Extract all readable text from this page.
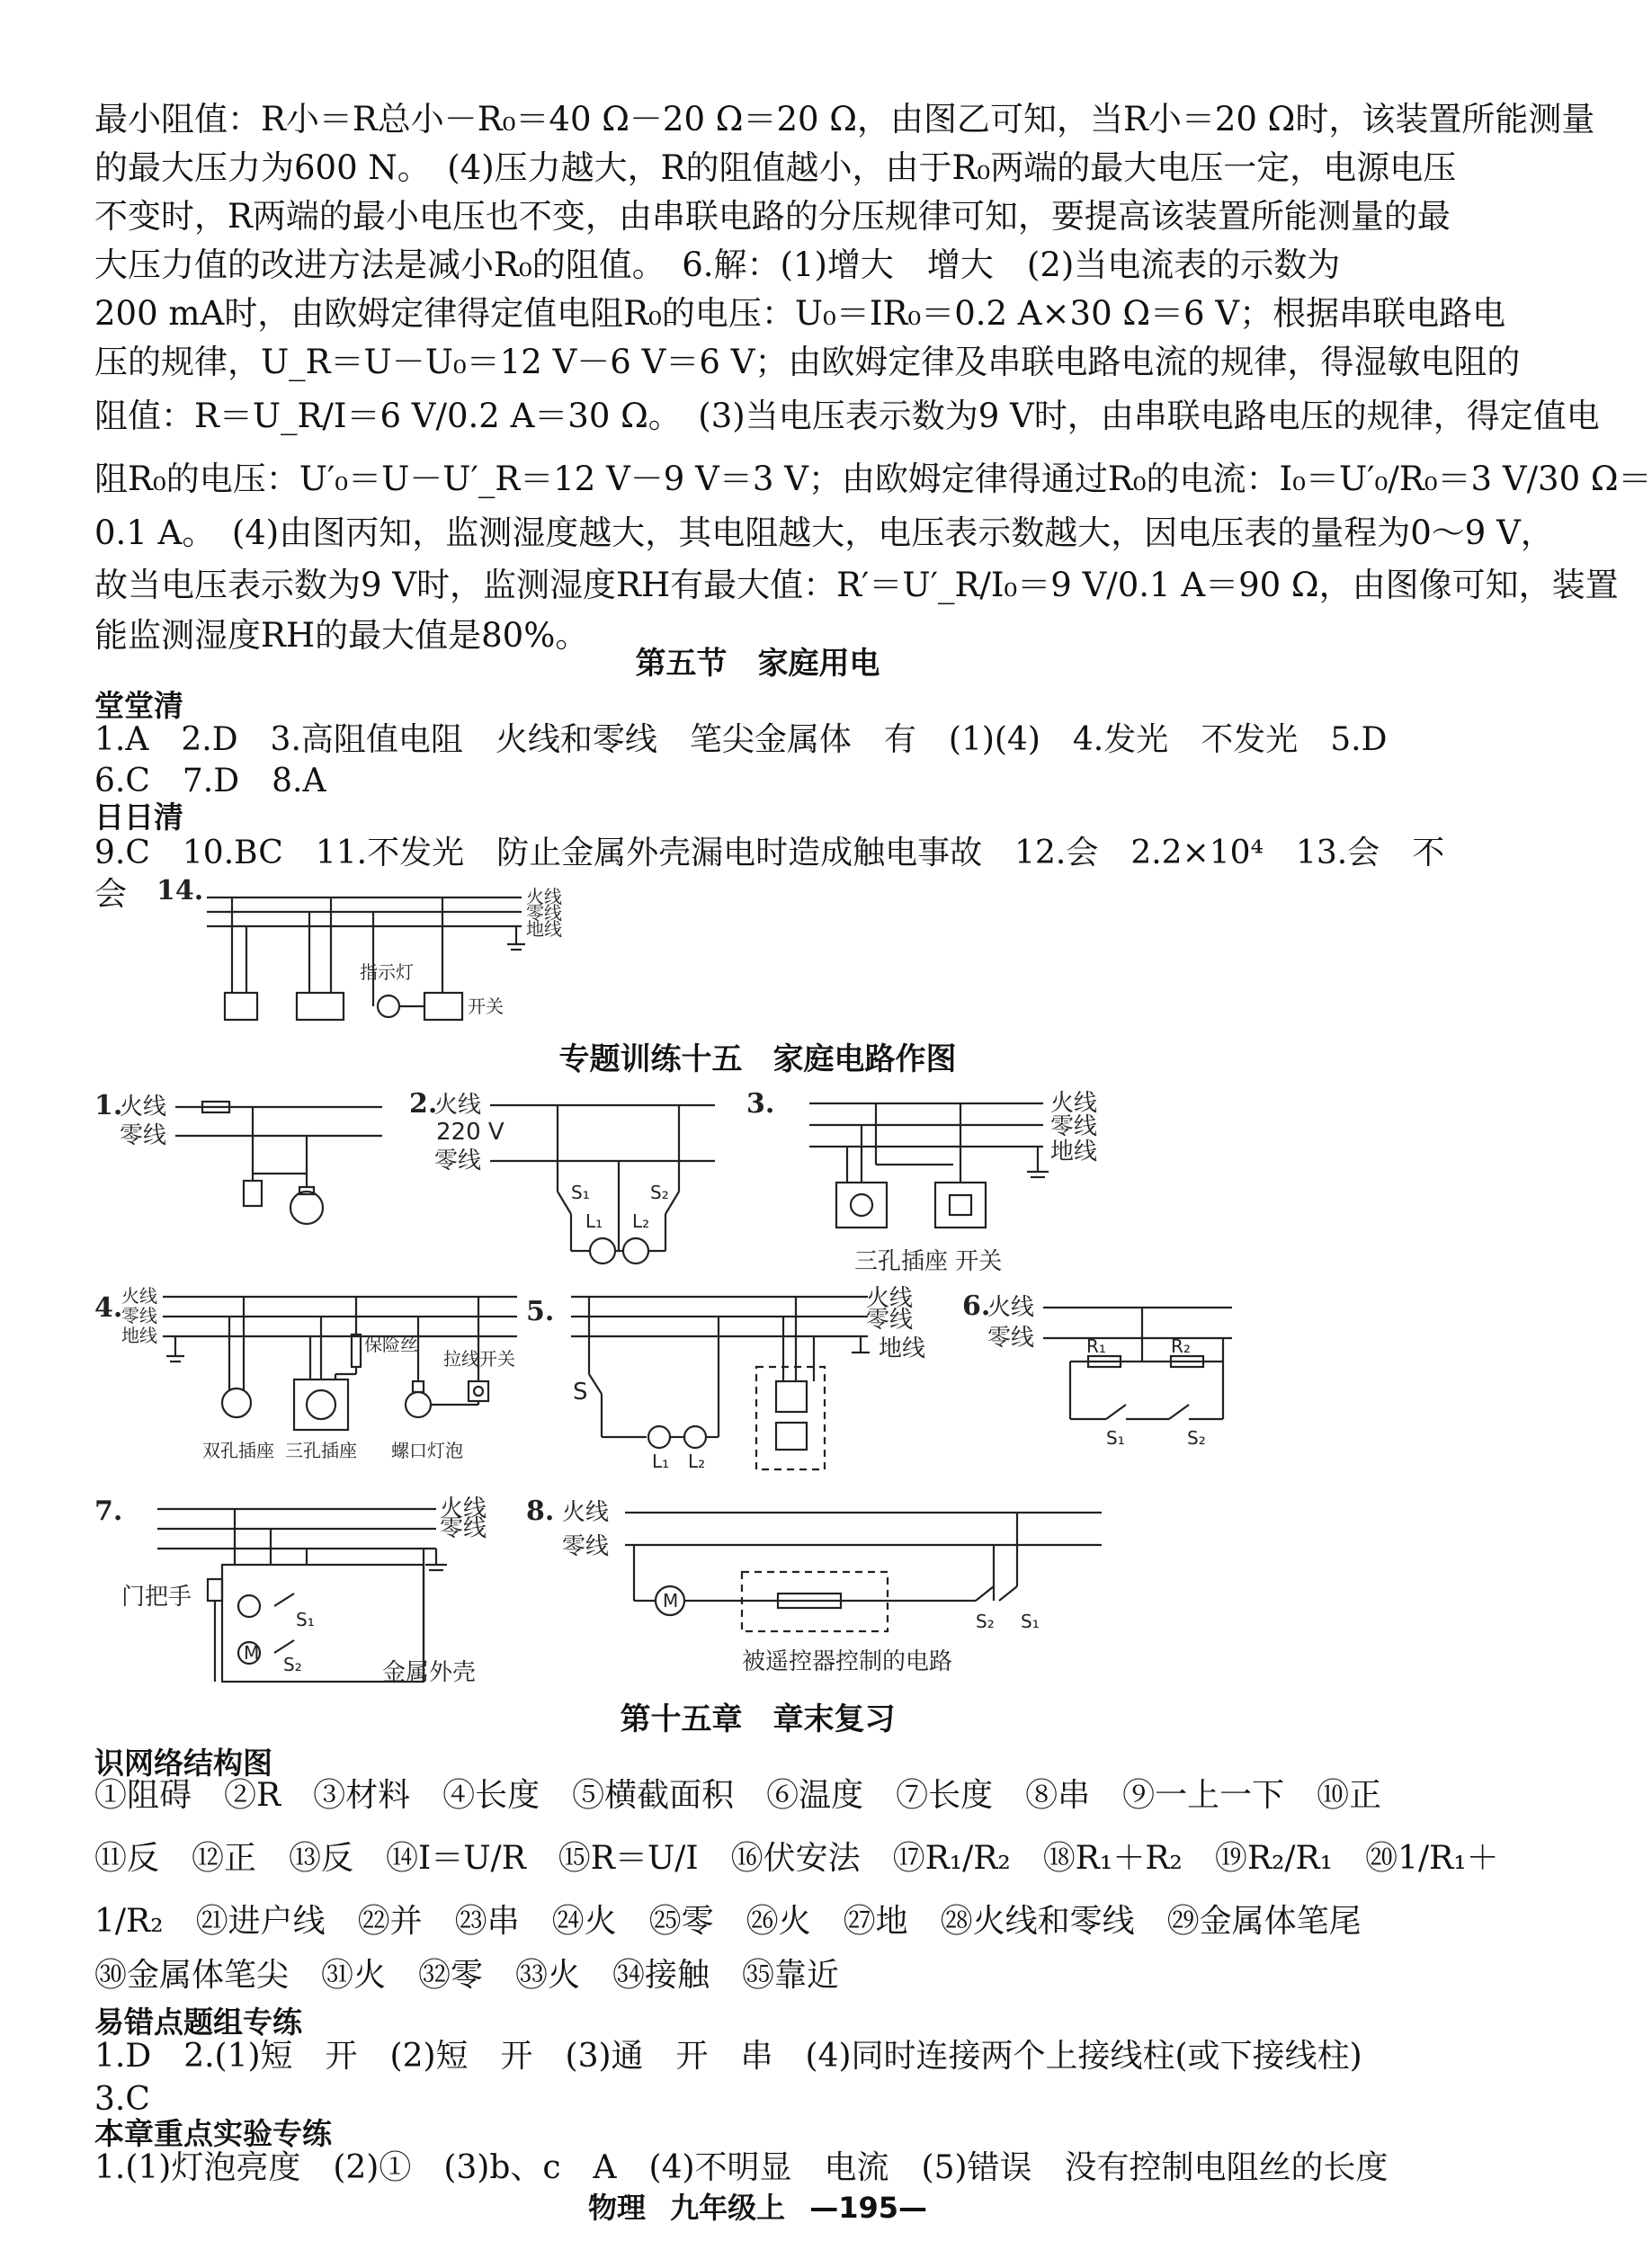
最小阻值：R小＝R总小－R₀＝40 Ω－20 Ω＝20 Ω，由图乙可知，当R小＝20 Ω时，该装置所能测量
的最大压力为600 N。　(4)压力越大，R的阻值越小，由于R₀两端的最大电压一定，电源电压
不变时，R两端的最小电压也不变，由串联电路的分压规律可知，要提高该装置所能测量的最
大压力值的改进方法是减小R₀的阻值。　6.解：(1)增大　增大　(2)当电流表的示数为
200 mA时，由欧姆定律得定值电阻R₀的电压：U₀＝IR₀＝0.2 A×30 Ω＝6 V；根据串联电路电
压的规律，U_R＝U－U₀＝12 V－6 V＝6 V；由欧姆定律及串联电路电流的规律，得湿敏电阻的
阻值：R＝U_R/I＝6 V/0.2 A＝30 Ω。　(3)当电压表示数为9 V时，由串联电路电压的规律，得定值电
阻R₀的电压：U′₀＝U－U′_R＝12 V－9 V＝3 V；由欧姆定律得通过R₀的电流：I₀＝U′₀/R₀＝3 V/30 Ω＝
0.1 A。　(4)由图丙知，监测湿度越大，其电阻越大，电压表示数越大，因电压表的量程为0～9 V，
故当电压表示数为9 V时，监测湿度RH有最大值：R′＝U′_R/I₀＝9 V/0.1 A＝90 Ω，由图像可知，装置
能监测湿度RH的最大值是80%。
第五节　家庭用电
堂堂清
1.A　2.D　3.高阻值电阻　火线和零线　笔尖金属体　有　(1)(4)　4.发光　不发光　5.D
6.C　7.D　8.A
日日清
9.C　10.BC　11.不发光　防止金属外壳漏电时造成触电事故　12.会　2.2×10⁴　13.会　不
会 14.	火线
零线
地线
指示灯
开关
专题训练十五　家庭电路作图
1.
火线
零线
2.
火线
220 V
零线
S₁	S₂
L₁ L₂
3.	火线
零线
地线
三孔插座 开关
4.
火线
零线
地线	保险丝
拉线开关
双孔插座 三孔插座 螺口灯泡
5.	火线
零线
地线
S
L₁ L₂
6.
火线
零线	R₁	R₂
S₁	S₂
7.	火线
零线
门把手
M
S₁
S₂	金属外壳
8. 火线
零线
M
S₂ S₁
被遥控器控制的电路
第十五章　章末复习
识网络结构图
①阻碍　②R　③材料　④长度　⑤横截面积　⑥温度　⑦长度　⑧串　⑨一上一下　⑩正
⑪反　⑫正　⑬反　⑭I＝U/R　⑮R＝U/I　⑯伏安法　⑰R₁/R₂　⑱R₁＋R₂　⑲R₂/R₁　⑳1/R₁＋
1/R₂　㉑进户线　㉒并　㉓串　㉔火　㉕零　㉖火　㉗地　㉘火线和零线　㉙金属体笔尾
㉚金属体笔尖　㉛火　㉜零　㉝火　㉞接触　㉟靠近
易错点题组专练
1.D　2.(1)短　开　(2)短　开　(3)通　开　串　(4)同时连接两个上接线柱(或下接线柱)
3.C
本章重点实验专练
1.(1)灯泡亮度　(2)①　(3)b、c　A　(4)不明显　电流　(5)错误　没有控制电阻丝的长度
物理 九年级上 —195—
